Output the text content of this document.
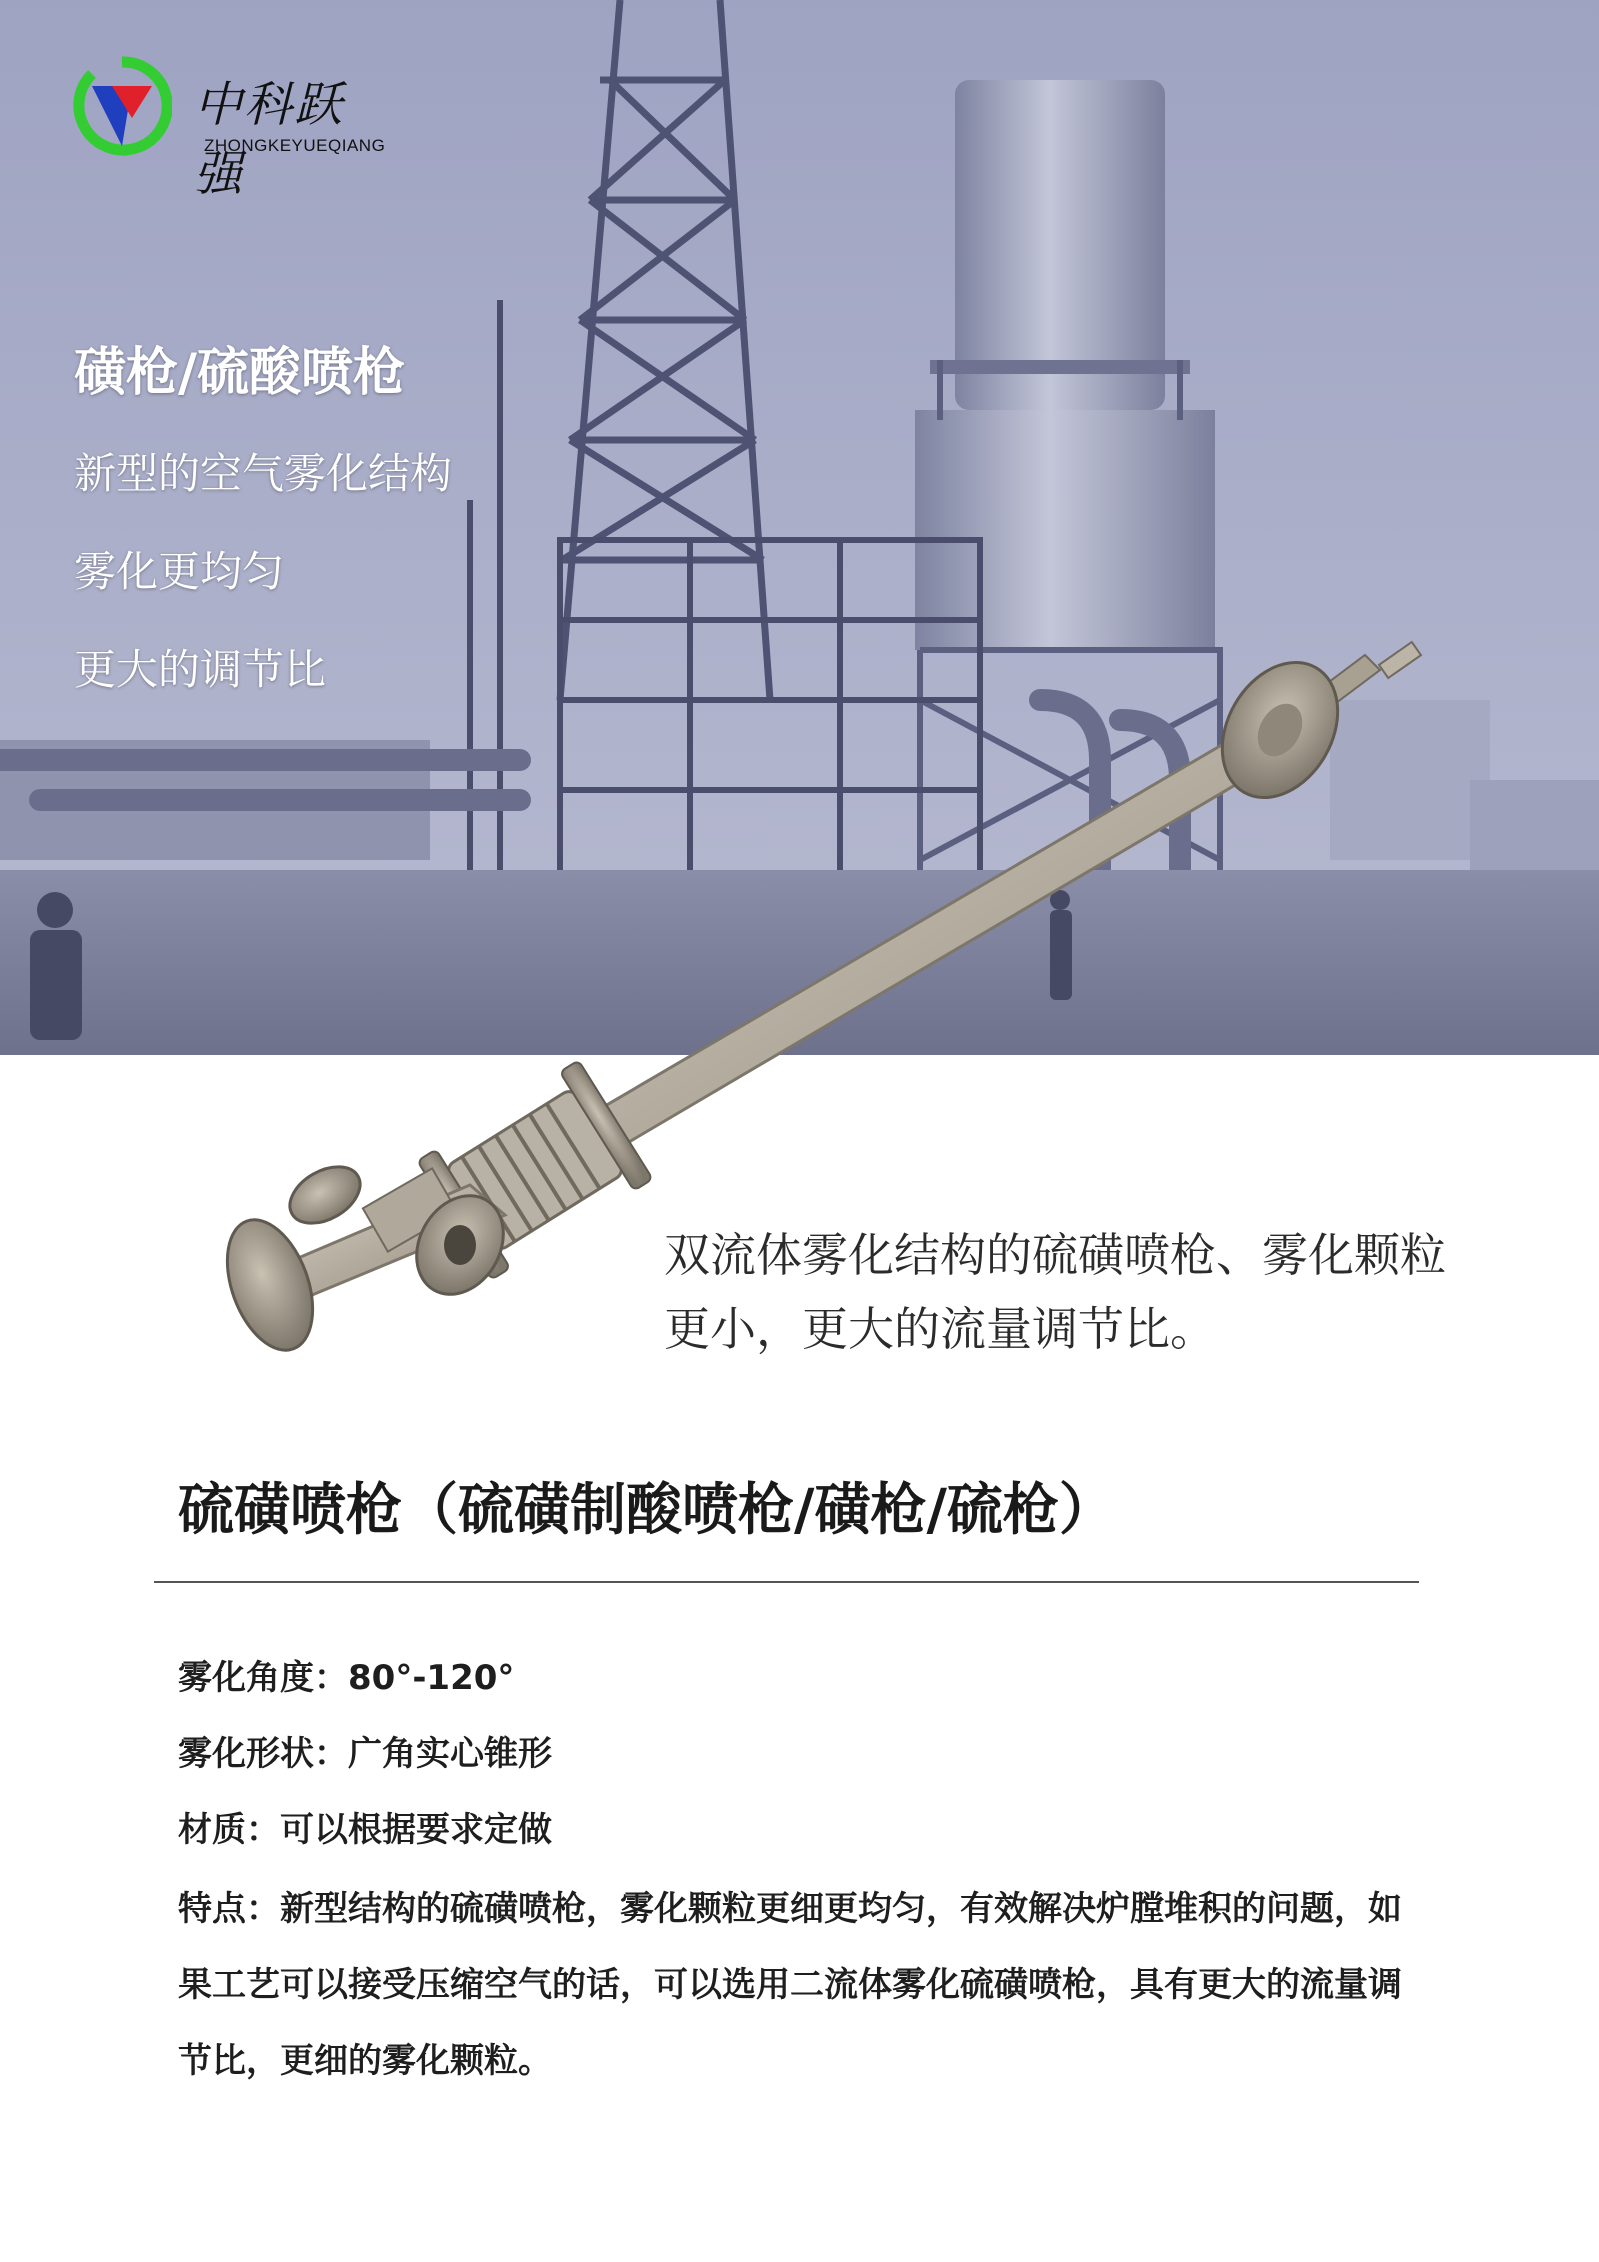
中科跃强
ZHONGKEYUEQIANG
磺枪/硫酸喷枪
新型的空气雾化结构
雾化更均匀
更大的调节比
双流体雾化结构的硫磺喷枪、雾化颗粒更小，更大的流量调节比。
硫磺喷枪（硫磺制酸喷枪/磺枪/硫枪）
雾化角度：80°-120°
雾化形状：广角实心锥形
材质：可以根据要求定做
特点：新型结构的硫磺喷枪，雾化颗粒更细更均匀，有效解决炉膛堆积的问题，如果工艺可以接受压缩空气的话，可以选用二流体雾化硫磺喷枪，具有更大的流量调节比，更细的雾化颗粒。
